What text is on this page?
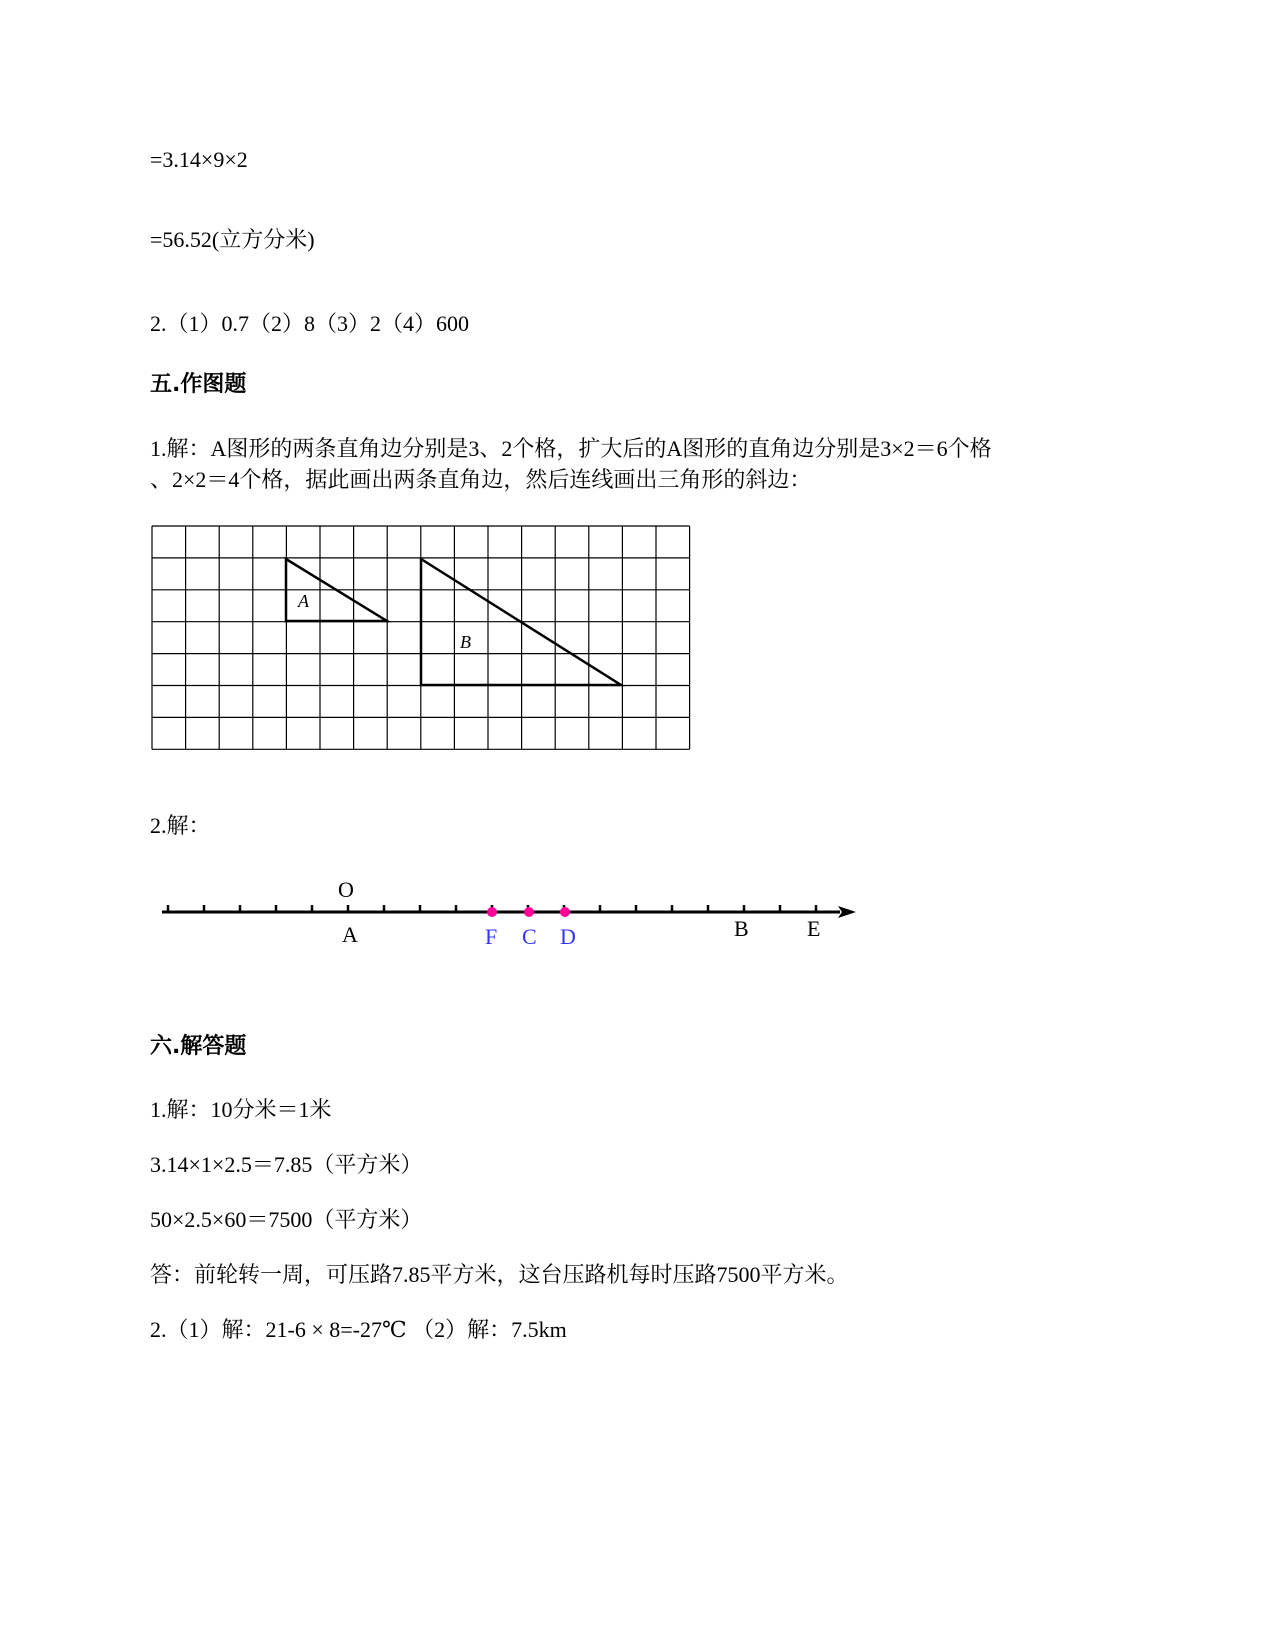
=3.14×9×2
=56.52(立方分米)
2.（1）0.7（2）8（3）2（4）600
五.作图题
1.解：A图形的两条直角边分别是3、2个格，扩大后的A图形的直角边分别是3×2＝6个格
、2×2＝4个格，据此画出两条直角边，然后连线画出三角形的斜边：
A
B
2.解：
O
A	F C D	B	E
六.解答题
1.解：10分米＝1米
3.14×1×2.5＝7.85（平方米）
50×2.5×60＝7500（平方米）
答：前轮转一周，可压路7.85平方米，这台压路机每时压路7500平方米。
2.（1）解：21-6 × 8=-27℃ （2）解：7.5km
